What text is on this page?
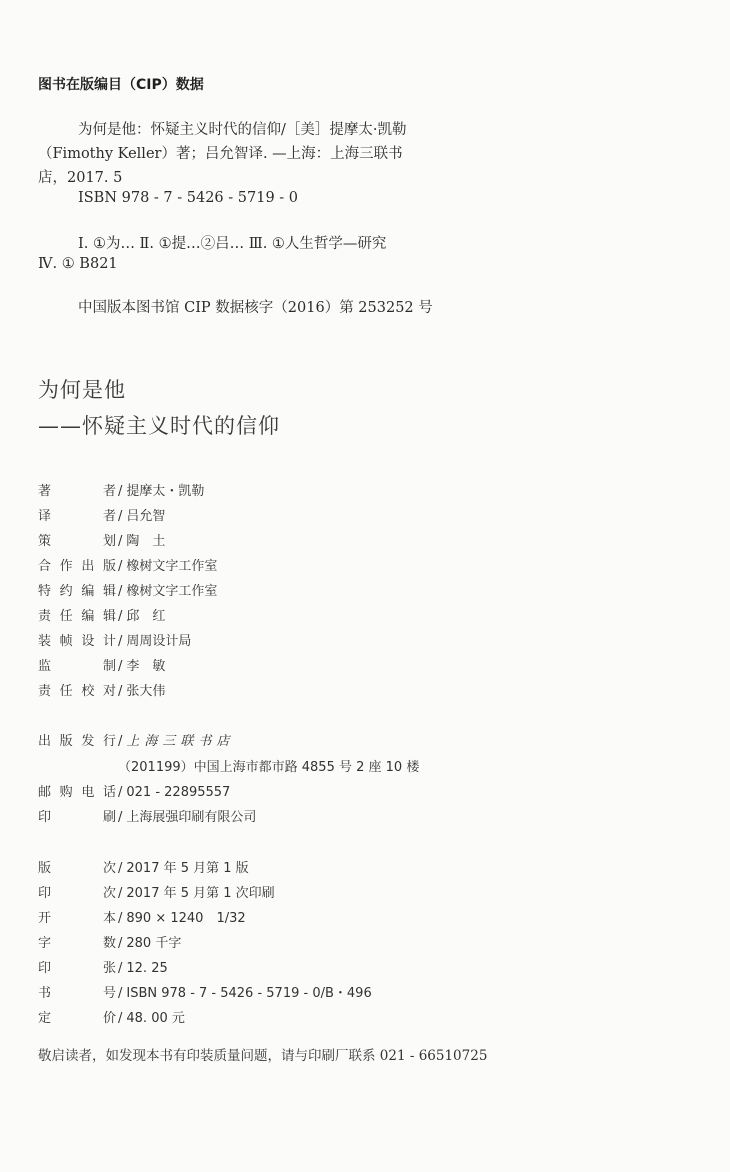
图书在版编目（CIP）数据
为何是他：怀疑主义时代的信仰/［美］提摩太·凯勒
（Fimothy Keller）著；吕允智译. —上海：上海三联书
店，2017. 5
ISBN 978 - 7 - 5426 - 5719 - 0
Ⅰ. ①为… Ⅱ. ①提…②吕… Ⅲ. ①人生哲学—研究
Ⅳ. ① B821
中国版本图书馆 CIP 数据核字（2016）第 253252 号
为何是他
——怀疑主义时代的信仰
著者 / 提摩太・凯勒
译者 / 吕允智
策划 / 陶　土
合作出版 / 橡树文字工作室
特约编辑 / 橡树文字工作室
责任编辑 / 邱　红
装帧设计 / 周周设计局
监制 / 李　敏
责任校对 / 张大伟
出版发行 / 上海三联书店
（201199）中国上海市都市路 4855 号 2 座 10 楼
邮购电话 / 021 - 22895557
印刷 / 上海展强印刷有限公司
版次 / 2017 年 5 月第 1 版
印次 / 2017 年 5 月第 1 次印刷
开本 / 890 × 1240　1/32
字数 / 280 千字
印张 / 12. 25
书号 / ISBN 978 - 7 - 5426 - 5719 - 0/B・496
定价 / 48. 00 元
敬启读者，如发现本书有印装质量问题，请与印刷厂联系 021 - 66510725
